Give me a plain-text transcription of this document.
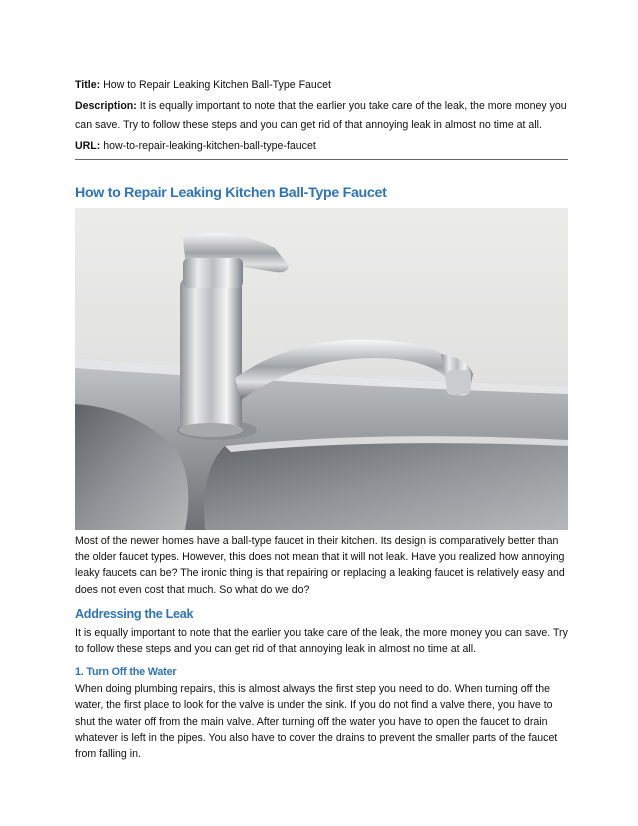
Title: How to Repair Leaking Kitchen Ball-Type Faucet

Description: It is equally important to note that the earlier you take care of the leak, the more money you can save. Try to follow these steps and you can get rid of that annoying leak in almost no time at all.

URL: how-to-repair-leaking-kitchen-ball-type-faucet

How to Repair Leaking Kitchen Ball-Type Faucet

Most of the newer homes have a ball-type faucet in their kitchen. Its design is comparatively better than the older faucet types. However, this does not mean that it will not leak. Have you realized how annoying leaky faucets can be? The ironic thing is that repairing or replacing a leaking faucet is relatively easy and does not even cost that much. So what do we do?

Addressing the Leak

It is equally important to note that the earlier you take care of the leak, the more money you can save. Try to follow these steps and you can get rid of that annoying leak in almost no time at all.

1. Turn Off the Water

When doing plumbing repairs, this is almost always the first step you need to do. When turning off the water, the first place to look for the valve is under the sink. If you do not find a valve there, you have to shut the water off from the main valve. After turning off the water you have to open the faucet to drain whatever is left in the pipes. You also have to cover the drains to prevent the smaller parts of the faucet from falling in.
